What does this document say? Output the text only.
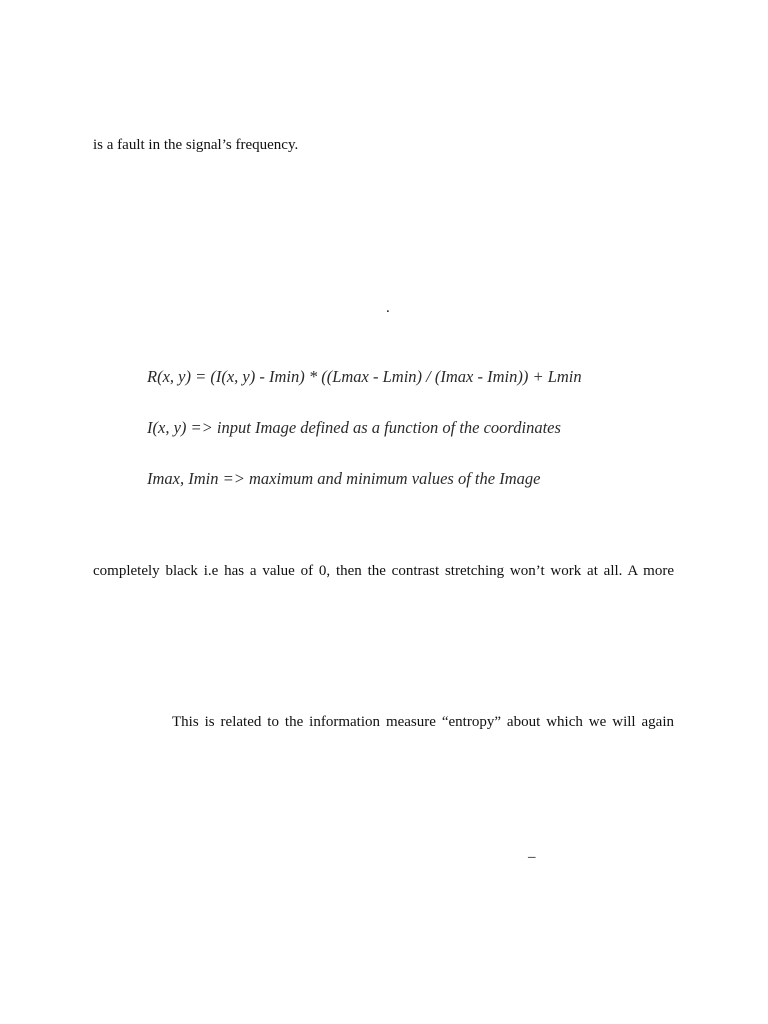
is a fault in the signal’s frequency.
.
R(x, y) = (I(x, y) - Imin) * ((Lmax - Lmin) / (Imax - Imin)) + Lmin
I(x, y) => input Image defined as a function of the coordinates
Imax, Imin => maximum and minimum values of the Image
completely black i.e has a value of 0, then the contrast stretching won’t work at all. A more
This is related to the information measure “entropy” about which we will again
–
